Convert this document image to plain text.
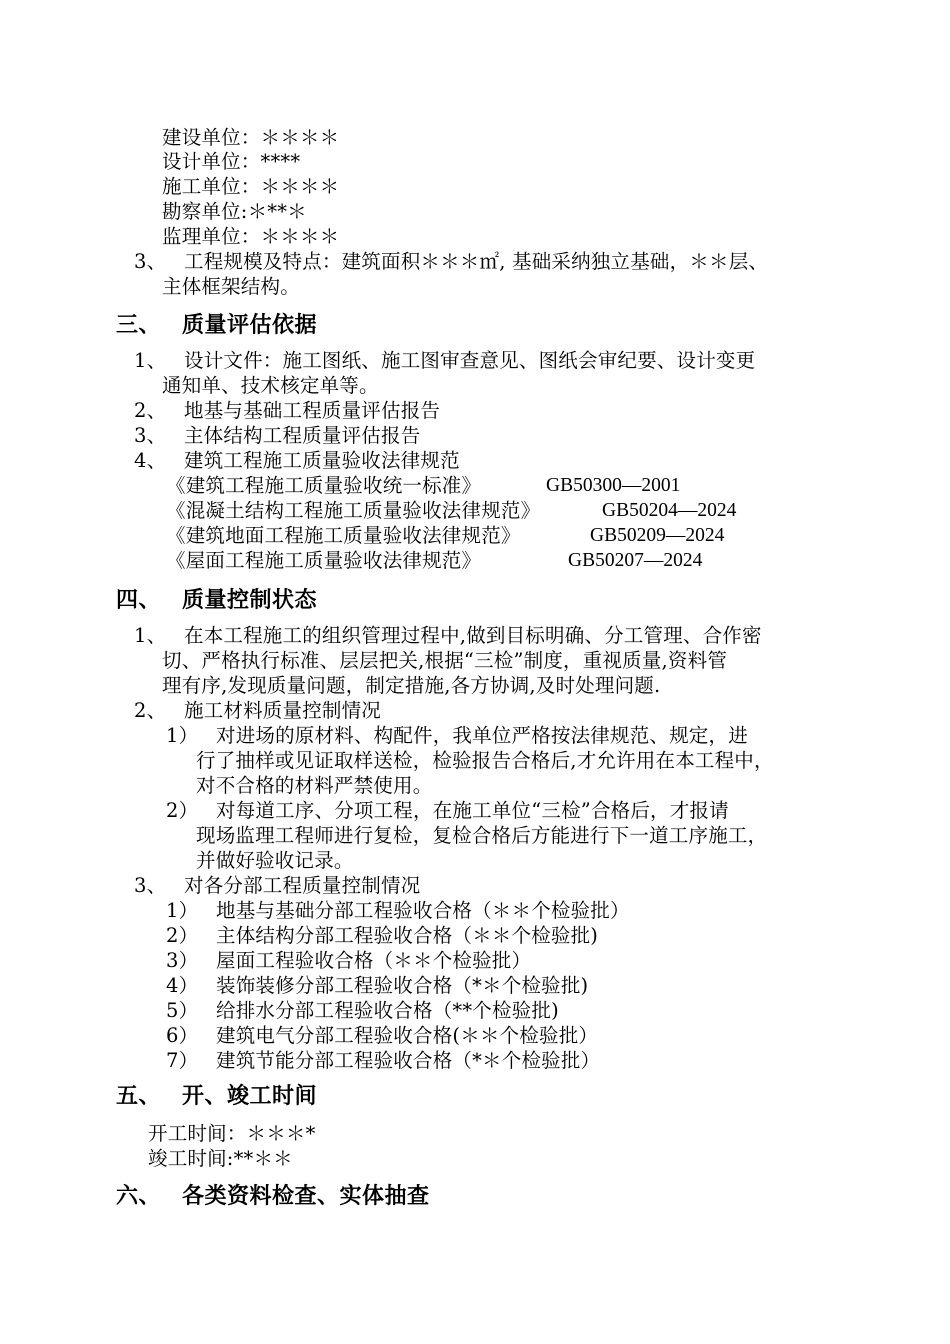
建设单位：＊＊＊＊
设计单位：****
施工单位：＊＊＊＊
勘察单位:＊**＊
监理单位：＊＊＊＊
3、 工程规模及特点：建筑面积＊＊＊㎡, 基础采纳独立基础，＊＊层、
主体框架结构。
三、 质量评估依据
1、 设计文件：施工图纸、施工图审查意见、图纸会审纪要、设计变更
通知单、技术核定单等。
2、 地基与基础工程质量评估报告
3、 主体结构工程质量评估报告
4、 建筑工程施工质量验收法律规范
《建筑工程施工质量验收统一标准》	GB50300—2001
《混凝土结构工程施工质量验收法律规范》	GB50204—2024
《建筑地面工程施工质量验收法律规范》	GB50209—2024
《屋面工程施工质量验收法律规范》	GB50207—2024
四、 质量控制状态
1、 在本工程施工的组织管理过程中,做到目标明确、分工管理、合作密
切、严格执行标准、层层把关,根据“三检”制度，重视质量,资料管
理有序,发现质量问题，制定措施,各方协调,及时处理问题.
2、 施工材料质量控制情况
1） 对进场的原材料、构配件，我单位严格按法律规范、规定，进
行了抽样或见证取样送检，检验报告合格后,才允许用在本工程中，
对不合格的材料严禁使用。
2） 对每道工序、分项工程，在施工单位“三检”合格后，才报请
现场监理工程师进行复检，复检合格后方能进行下一道工序施工，
并做好验收记录。
3、 对各分部工程质量控制情况
1） 地基与基础分部工程验收合格（＊＊个检验批）
2） 主体结构分部工程验收合格（＊＊个检验批)
3） 屋面工程验收合格（＊＊个检验批）
4） 装饰装修分部工程验收合格（*＊个检验批)
5） 给排水分部工程验收合格（**个检验批)
6） 建筑电气分部工程验收合格(＊＊个检验批）
7） 建筑节能分部工程验收合格（*＊个检验批）
五、 开、竣工时间
开工时间：＊＊＊*
竣工时间:**＊＊
六、 各类资料检查、实体抽查
